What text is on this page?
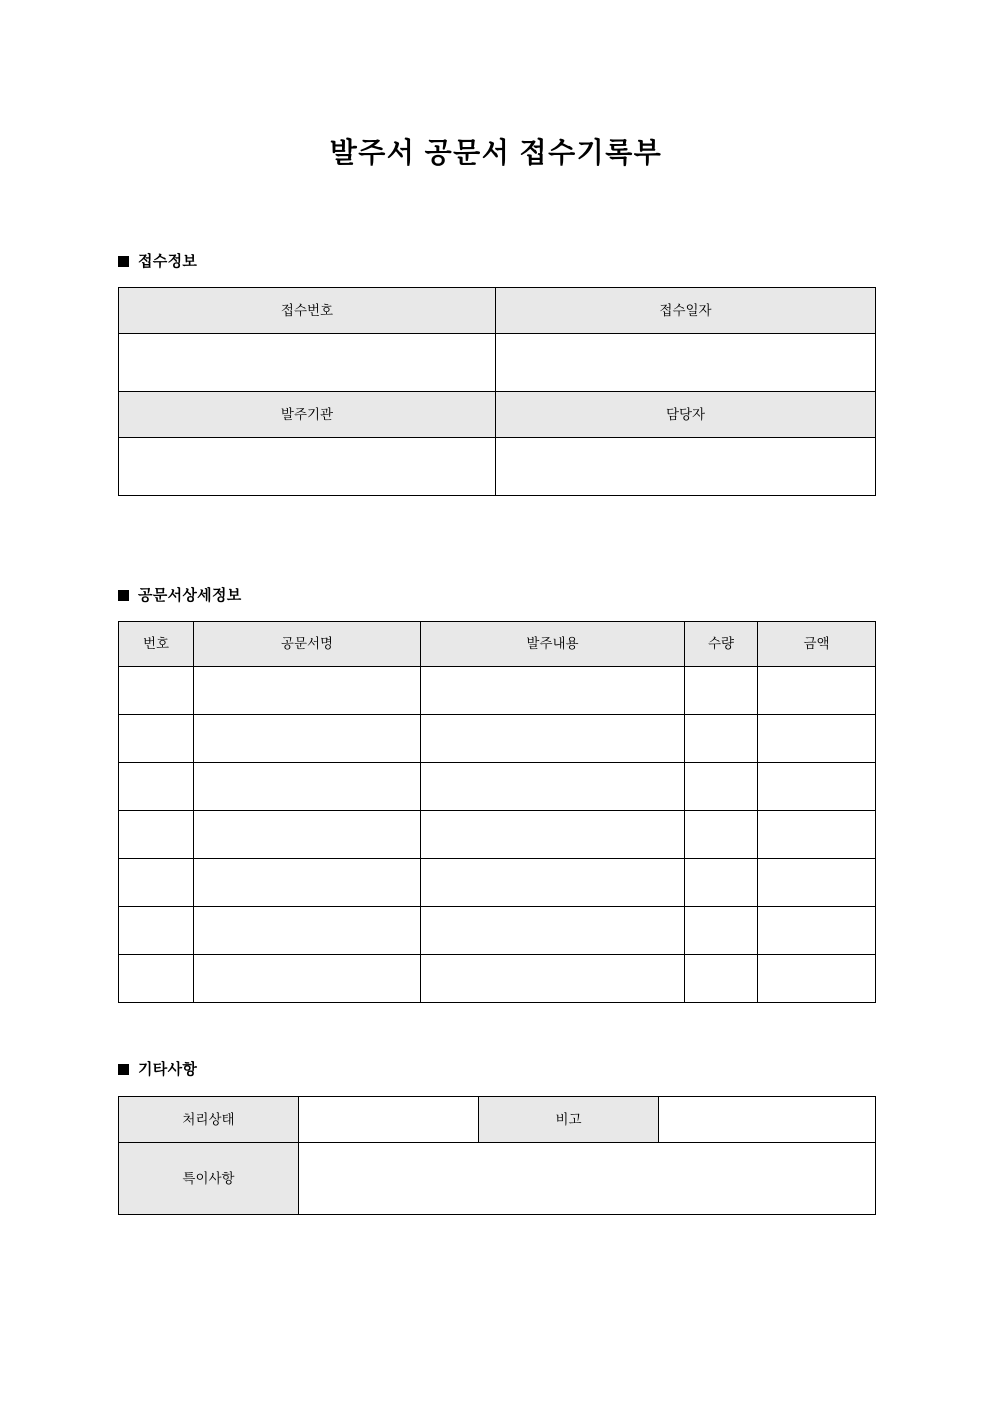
발주서 공문서 접수기록부
접수정보
접수번호	접수일자

발주기관	담당자

공문서상세정보
번호	공문서명	발주내용	수량	금액

기타사항
처리상태		비고	
특이사항			
